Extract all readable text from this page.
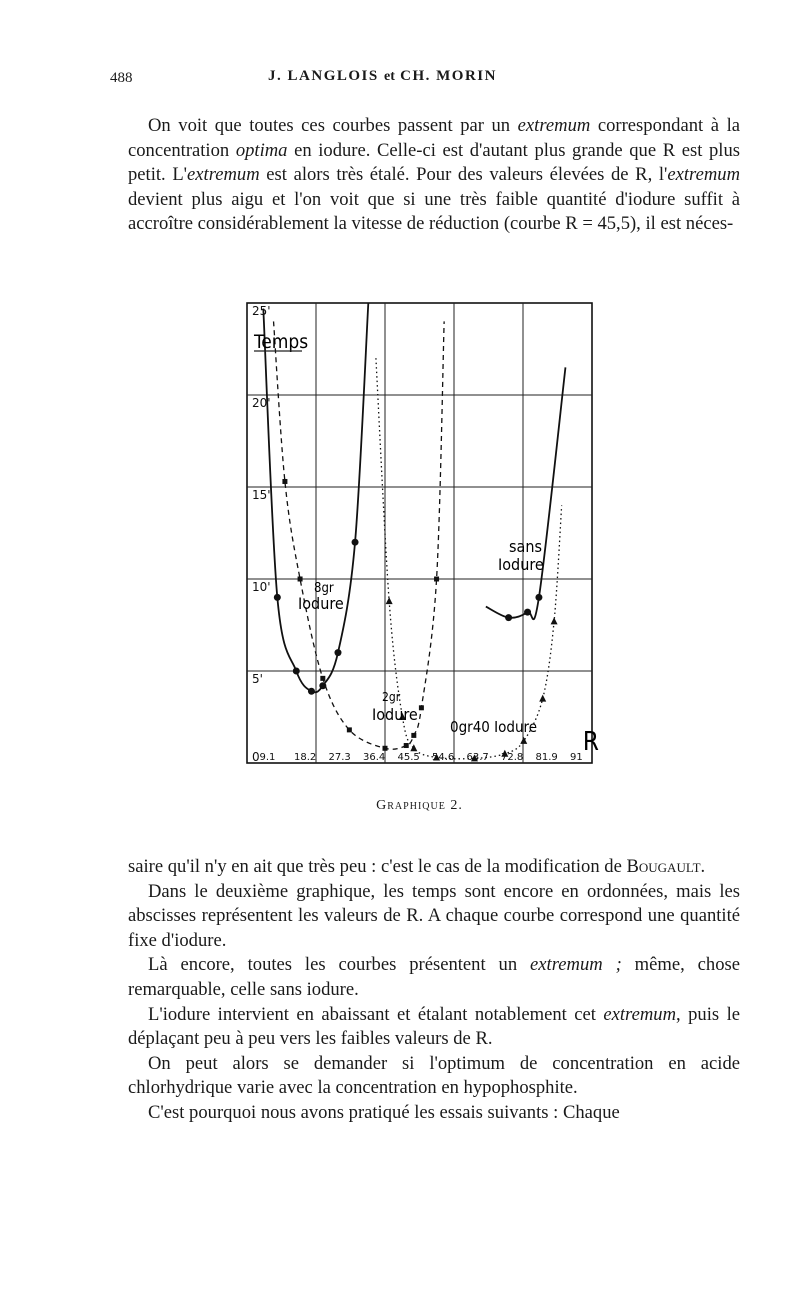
488	J. LANGLOIS et CH. MORIN

On voit que toutes ces courbes passent par un extremum correspondant à la concentration optima en iodure. Celle-ci est d'autant plus grande que R est plus petit. L'extremum est alors très étalé. Pour des valeurs élevées de R, l'extremum devient plus aigu et l'on voit que si une très faible quantité d'iodure suffit à accroître considérablement la vitesse de réduction (courbe R = 45,5), il est néces-

0
5'
10'
15'
20'
25'
9.1 18.2 27.3 36.4 45.5 54.6 63.7 72.8 81.9 91
Temps
R
sans
Iodure
8gr
Iodure
2gr
Iodure
0gr40 Iodure
Graphique 2.

saire qu'il n'y en ait que très peu : c'est le cas de la modification de Bougault.

Dans le deuxième graphique, les temps sont encore en ordonnées, mais les abscisses représentent les valeurs de R. A chaque courbe correspond une quantité fixe d'iodure.

Là encore, toutes les courbes présentent un extremum ; même, chose remarquable, celle sans iodure.

L'iodure intervient en abaissant et étalant notablement cet extremum, puis le déplaçant peu à peu vers les faibles valeurs de R.

On peut alors se demander si l'optimum de concentration en acide chlorhydrique varie avec la concentration en hypophosphite.

C'est pourquoi nous avons pratiqué les essais suivants : Chaque
